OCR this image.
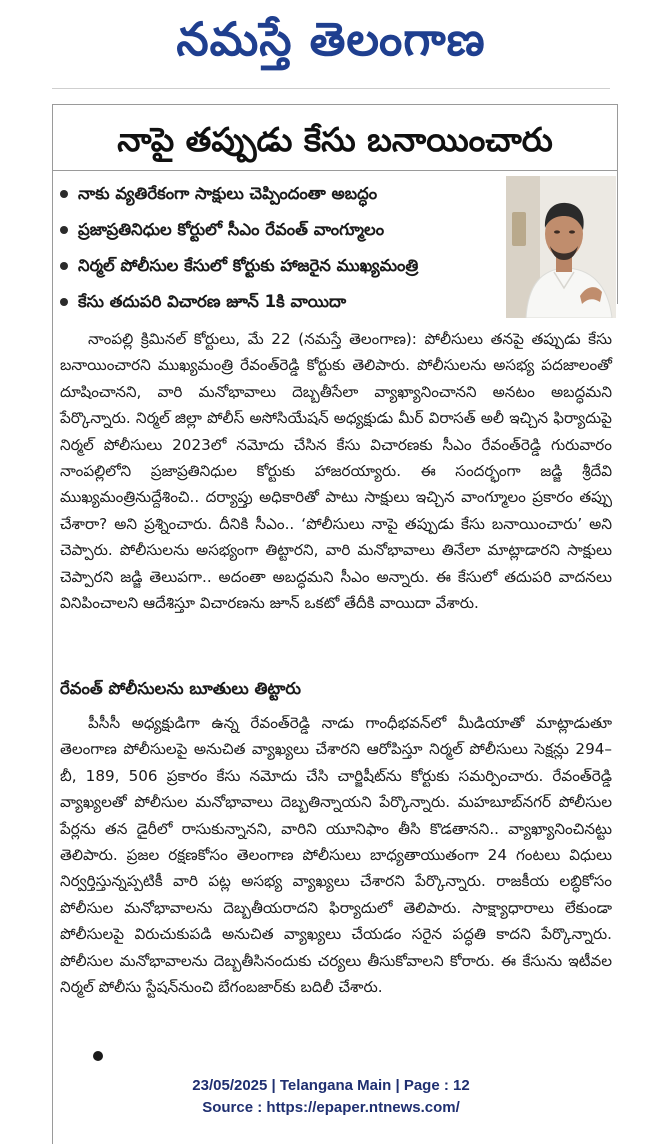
నమస్తే తెలంగాణ
నాపై తప్పుడు కేసు బనాయించారు
నాకు వ్యతిరేకంగా సాక్షులు చెప్పిందంతా అబద్ధం
ప్రజాప్రతినిధుల కోర్టులో సీఎం రేవంత్ వాంగ్మూలం
నిర్మల్ పోలీసుల కేసులో కోర్టుకు హాజరైన ముఖ్యమంత్రి
కేసు తదుపరి విచారణ జూన్ 1కి వాయిదా

నాంపల్లి క్రిమినల్ కోర్టులు, మే 22 (నమస్తే తెలంగాణ): పోలీసులు తనపై తప్పుడు కేసు బనాయించారని ముఖ్యమంత్రి రేవంత్‌రెడ్డి కోర్టుకు తెలిపారు. పోలీసులను అసభ్య పదజాలంతో దూషించానని, వారి మనోభావాలు దెబ్బతీసేలా వ్యాఖ్యానించానని అనటం అబద్ధమని పేర్కొన్నారు. నిర్మల్ జిల్లా పోలీస్ అసోసియేషన్ అధ్యక్షుడు మీర్ విరాసత్ అలీ ఇచ్చిన ఫిర్యాదుపై నిర్మల్ పోలీసులు 2023లో నమోదు చేసిన కేసు విచారణకు సీఎం రేవంత్‌రెడ్డి గురువారం నాంపల్లిలోని ప్రజాప్రతినిధుల కోర్టుకు హాజరయ్యారు. ఈ సందర్భంగా జడ్జి శ్రీదేవి ముఖ్యమంత్రినుద్దేశించి.. దర్యాప్తు అధికారితో పాటు సాక్షులు ఇచ్చిన వాంగ్మూలం ప్రకారం తప్పు చేశారా? అని ప్రశ్నించారు. దీనికి సీఎం.. ‘పోలీసులు నాపై తప్పుడు కేసు బనాయించారు’ అని చెప్పారు. పోలీసులను అసభ్యంగా తిట్టారని, వారి మనోభావాలు తినేలా మాట్లాడారని సాక్షులు చెప్పారని జడ్జి తెలుపగా.. అదంతా అబద్ధమని సీఎం అన్నారు. ఈ కేసులో తదుపరి వాదనలు వినిపించాలని ఆదేశిస్తూ విచారణను జూన్ ఒకటో తేదీకి వాయిదా వేశారు.

రేవంత్ పోలీసులను బూతులు తిట్టారు

పీసీసీ అధ్యక్షుడిగా ఉన్న రేవంత్‌రెడ్డి నాడు గాంధీభవన్‌లో మీడియాతో మాట్లాడుతూ తెలంగాణ పోలీసులపై అనుచిత వ్యాఖ్యలు చేశారని ఆరోపిస్తూ నిర్మల్ పోలీసులు సెక్షన్లు 294–బీ, 189, 506 ప్రకారం కేసు నమోదు చేసి చార్జిషీట్‌ను కోర్టుకు సమర్పించారు. రేవంత్‌రెడ్డి వ్యాఖ్యలతో పోలీసుల మనోభావాలు దెబ్బతిన్నాయని పేర్కొన్నారు. మహబూబ్‌నగర్ పోలీసుల పేర్లను తన డైరీలో రాసుకున్నానని, వారిని యూనిఫాం తీసి కొడతానని.. వ్యాఖ్యానించినట్టు తెలిపారు. ప్రజల రక్షణకోసం తెలంగాణ పోలీసులు బాధ్యతాయుతంగా 24 గంటలు విధులు నిర్వర్తిస్తున్నప్పటికీ వారి పట్ల అసభ్య వ్యాఖ్యలు చేశారని పేర్కొన్నారు. రాజకీయ లబ్ధికోసం పోలీసుల మనోభావాలను దెబ్బతీయరాదని ఫిర్యాదులో తెలిపారు. సాక్ష్యాధారాలు లేకుండా పోలీసులపై విరుచుకుపడి అనుచిత వ్యాఖ్యలు చేయడం సరైన పద్ధతి కాదని పేర్కొన్నారు. పోలీసుల మనోభావాలను దెబ్బతీసినందుకు చర్యలు తీసుకోవాలని కోరారు. ఈ కేసును ఇటీవల నిర్మల్ పోలీసు స్టేషన్‌నుంచి బేగంబజార్‌కు బదిలీ చేశారు.

23/05/2025 | Telangana Main | Page : 12
Source : https://epaper.ntnews.com/
